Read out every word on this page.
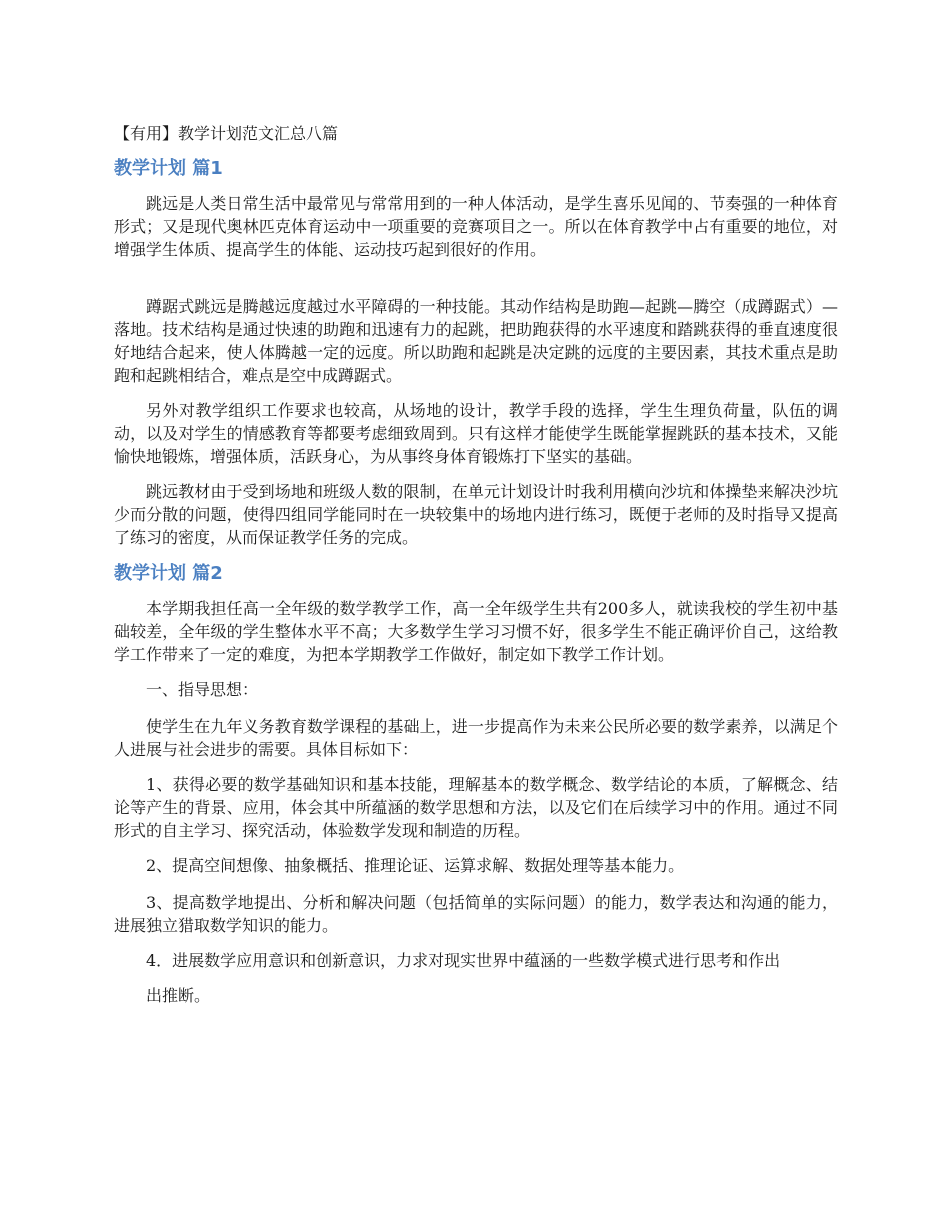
【有用】教学计划范文汇总八篇
教学计划 篇1

跳远是人类日常生活中最常见与常常用到的一种人体活动，是学生喜乐见闻的、节奏强的一种体育形式；又是现代奥林匹克体育运动中一项重要的竞赛项目之一。所以在体育教学中占有重要的地位，对增强学生体质、提高学生的体能、运动技巧起到很好的作用。

蹲踞式跳远是腾越远度越过水平障碍的一种技能。其动作结构是助跑—起跳—腾空（成蹲踞式）—落地。技术结构是通过快速的助跑和迅速有力的起跳，把助跑获得的水平速度和踏跳获得的垂直速度很好地结合起来，使人体腾越一定的远度。所以助跑和起跳是决定跳的远度的主要因素，其技术重点是助跑和起跳相结合，难点是空中成蹲踞式。

另外对教学组织工作要求也较高，从场地的设计，教学手段的选择，学生生理负荷量，队伍的调动，以及对学生的情感教育等都要考虑细致周到。只有这样才能使学生既能掌握跳跃的基本技术，又能愉快地锻炼，增强体质，活跃身心，为从事终身体育锻炼打下坚实的基础。

跳远教材由于受到场地和班级人数的限制，在单元计划设计时我利用横向沙坑和体操垫来解决沙坑少而分散的问题，使得四组同学能同时在一块较集中的场地内进行练习，既便于老师的及时指导又提高了练习的密度，从而保证教学任务的完成。

教学计划 篇2

本学期我担任高一全年级的数学教学工作，高一全年级学生共有200多人，就读我校的学生初中基础较差，全年级的学生整体水平不高；大多数学生学习习惯不好，很多学生不能正确评价自己，这给教学工作带来了一定的难度，为把本学期教学工作做好，制定如下教学工作计划。

一、指导思想：

使学生在九年义务教育数学课程的基础上，进一步提高作为未来公民所必要的数学素养，以满足个人进展与社会进步的需要。具体目标如下：

1、获得必要的数学基础知识和基本技能，理解基本的数学概念、数学结论的本质，了解概念、结论等产生的背景、应用，体会其中所蕴涵的数学思想和方法，以及它们在后续学习中的作用。通过不同形式的自主学习、探究活动，体验数学发现和制造的历程。

2、提高空间想像、抽象概括、推理论证、运算求解、数据处理等基本能力。

3、提高数学地提出、分析和解决问题（包括简单的实际问题）的能力，数学表达和沟通的能力，进展独立猎取数学知识的能力。

4．进展数学应用意识和创新意识，力求对现实世界中蕴涵的一些数学模式进行思考和作出

出推断。
